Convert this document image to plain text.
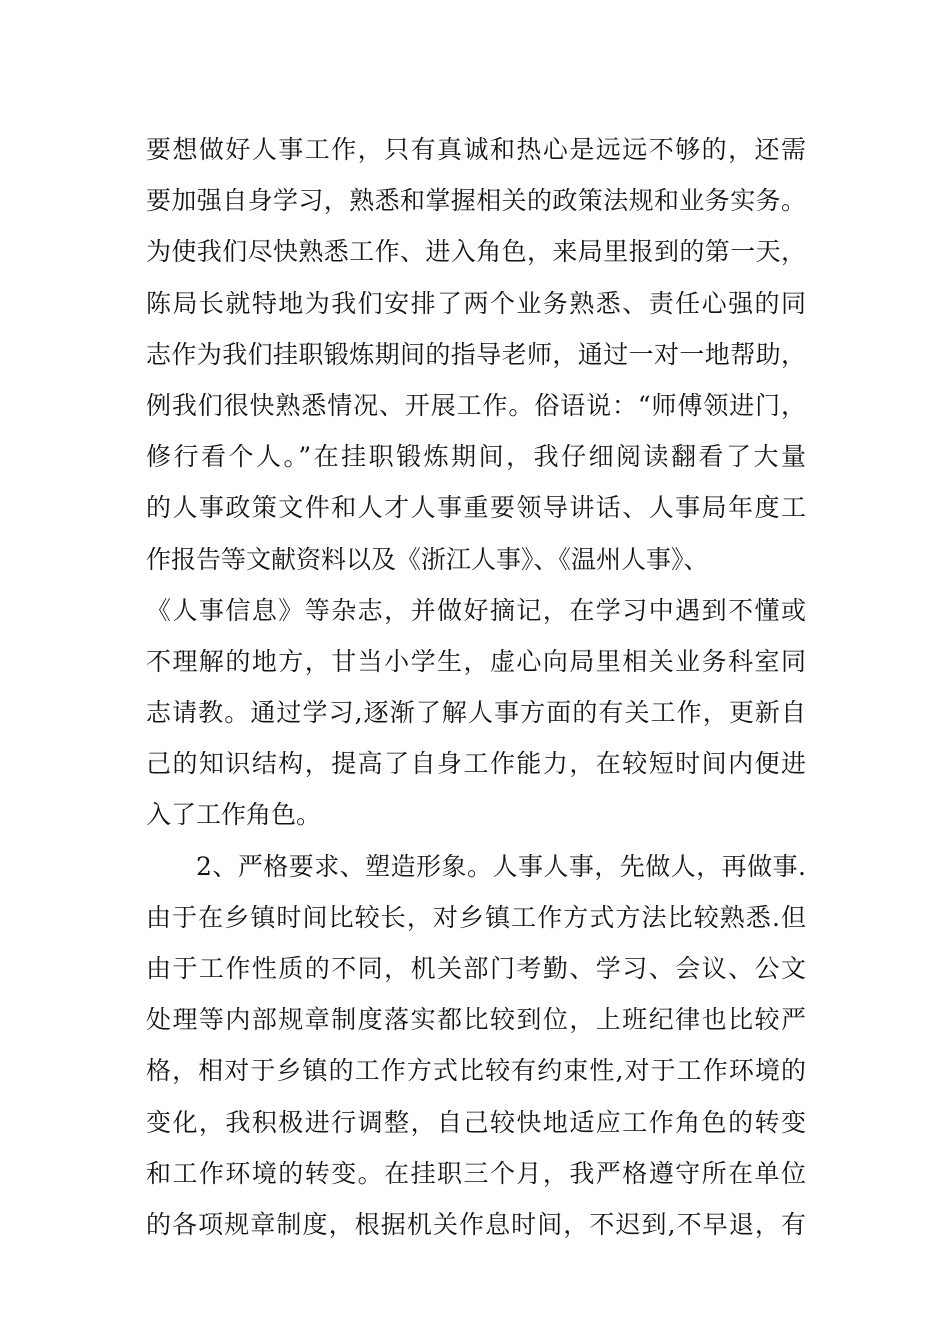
要想做好人事工作，只有真诚和热心是远远不够的，还需
要加强自身学习，熟悉和掌握相关的政策法规和业务实务。
为使我们尽快熟悉工作、进入角色，来局里报到的第一天，
陈局长就特地为我们安排了两个业务熟悉、责任心强的同
志作为我们挂职锻炼期间的指导老师，通过一对一地帮助，
例我们很快熟悉情况、开展工作。俗语说：“师傅领进门，
修行看个人。”在挂职锻炼期间，我仔细阅读翻看了大量
的人事政策文件和人才人事重要领导讲话、人事局年度工
作报告等文献资料以及《浙江人事》、《温州人事》、
《人事信息》等杂志，并做好摘记，在学习中遇到不懂或
不理解的地方，甘当小学生，虚心向局里相关业务科室同
志请教。通过学习,逐渐了解人事方面的有关工作，更新自
己的知识结构，提高了自身工作能力，在较短时间内便进
入了工作角色。
2、严格要求、塑造形象。人事人事，先做人，再做事.
由于在乡镇时间比较长，对乡镇工作方式方法比较熟悉.但
由于工作性质的不同，机关部门考勤、学习、会议、公文
处理等内部规章制度落实都比较到位，上班纪律也比较严
格，相对于乡镇的工作方式比较有约束性,对于工作环境的
变化，我积极进行调整，自己较快地适应工作角色的转变
和工作环境的转变。在挂职三个月，我严格遵守所在单位
的各项规章制度，根据机关作息时间，不迟到,不早退，有
